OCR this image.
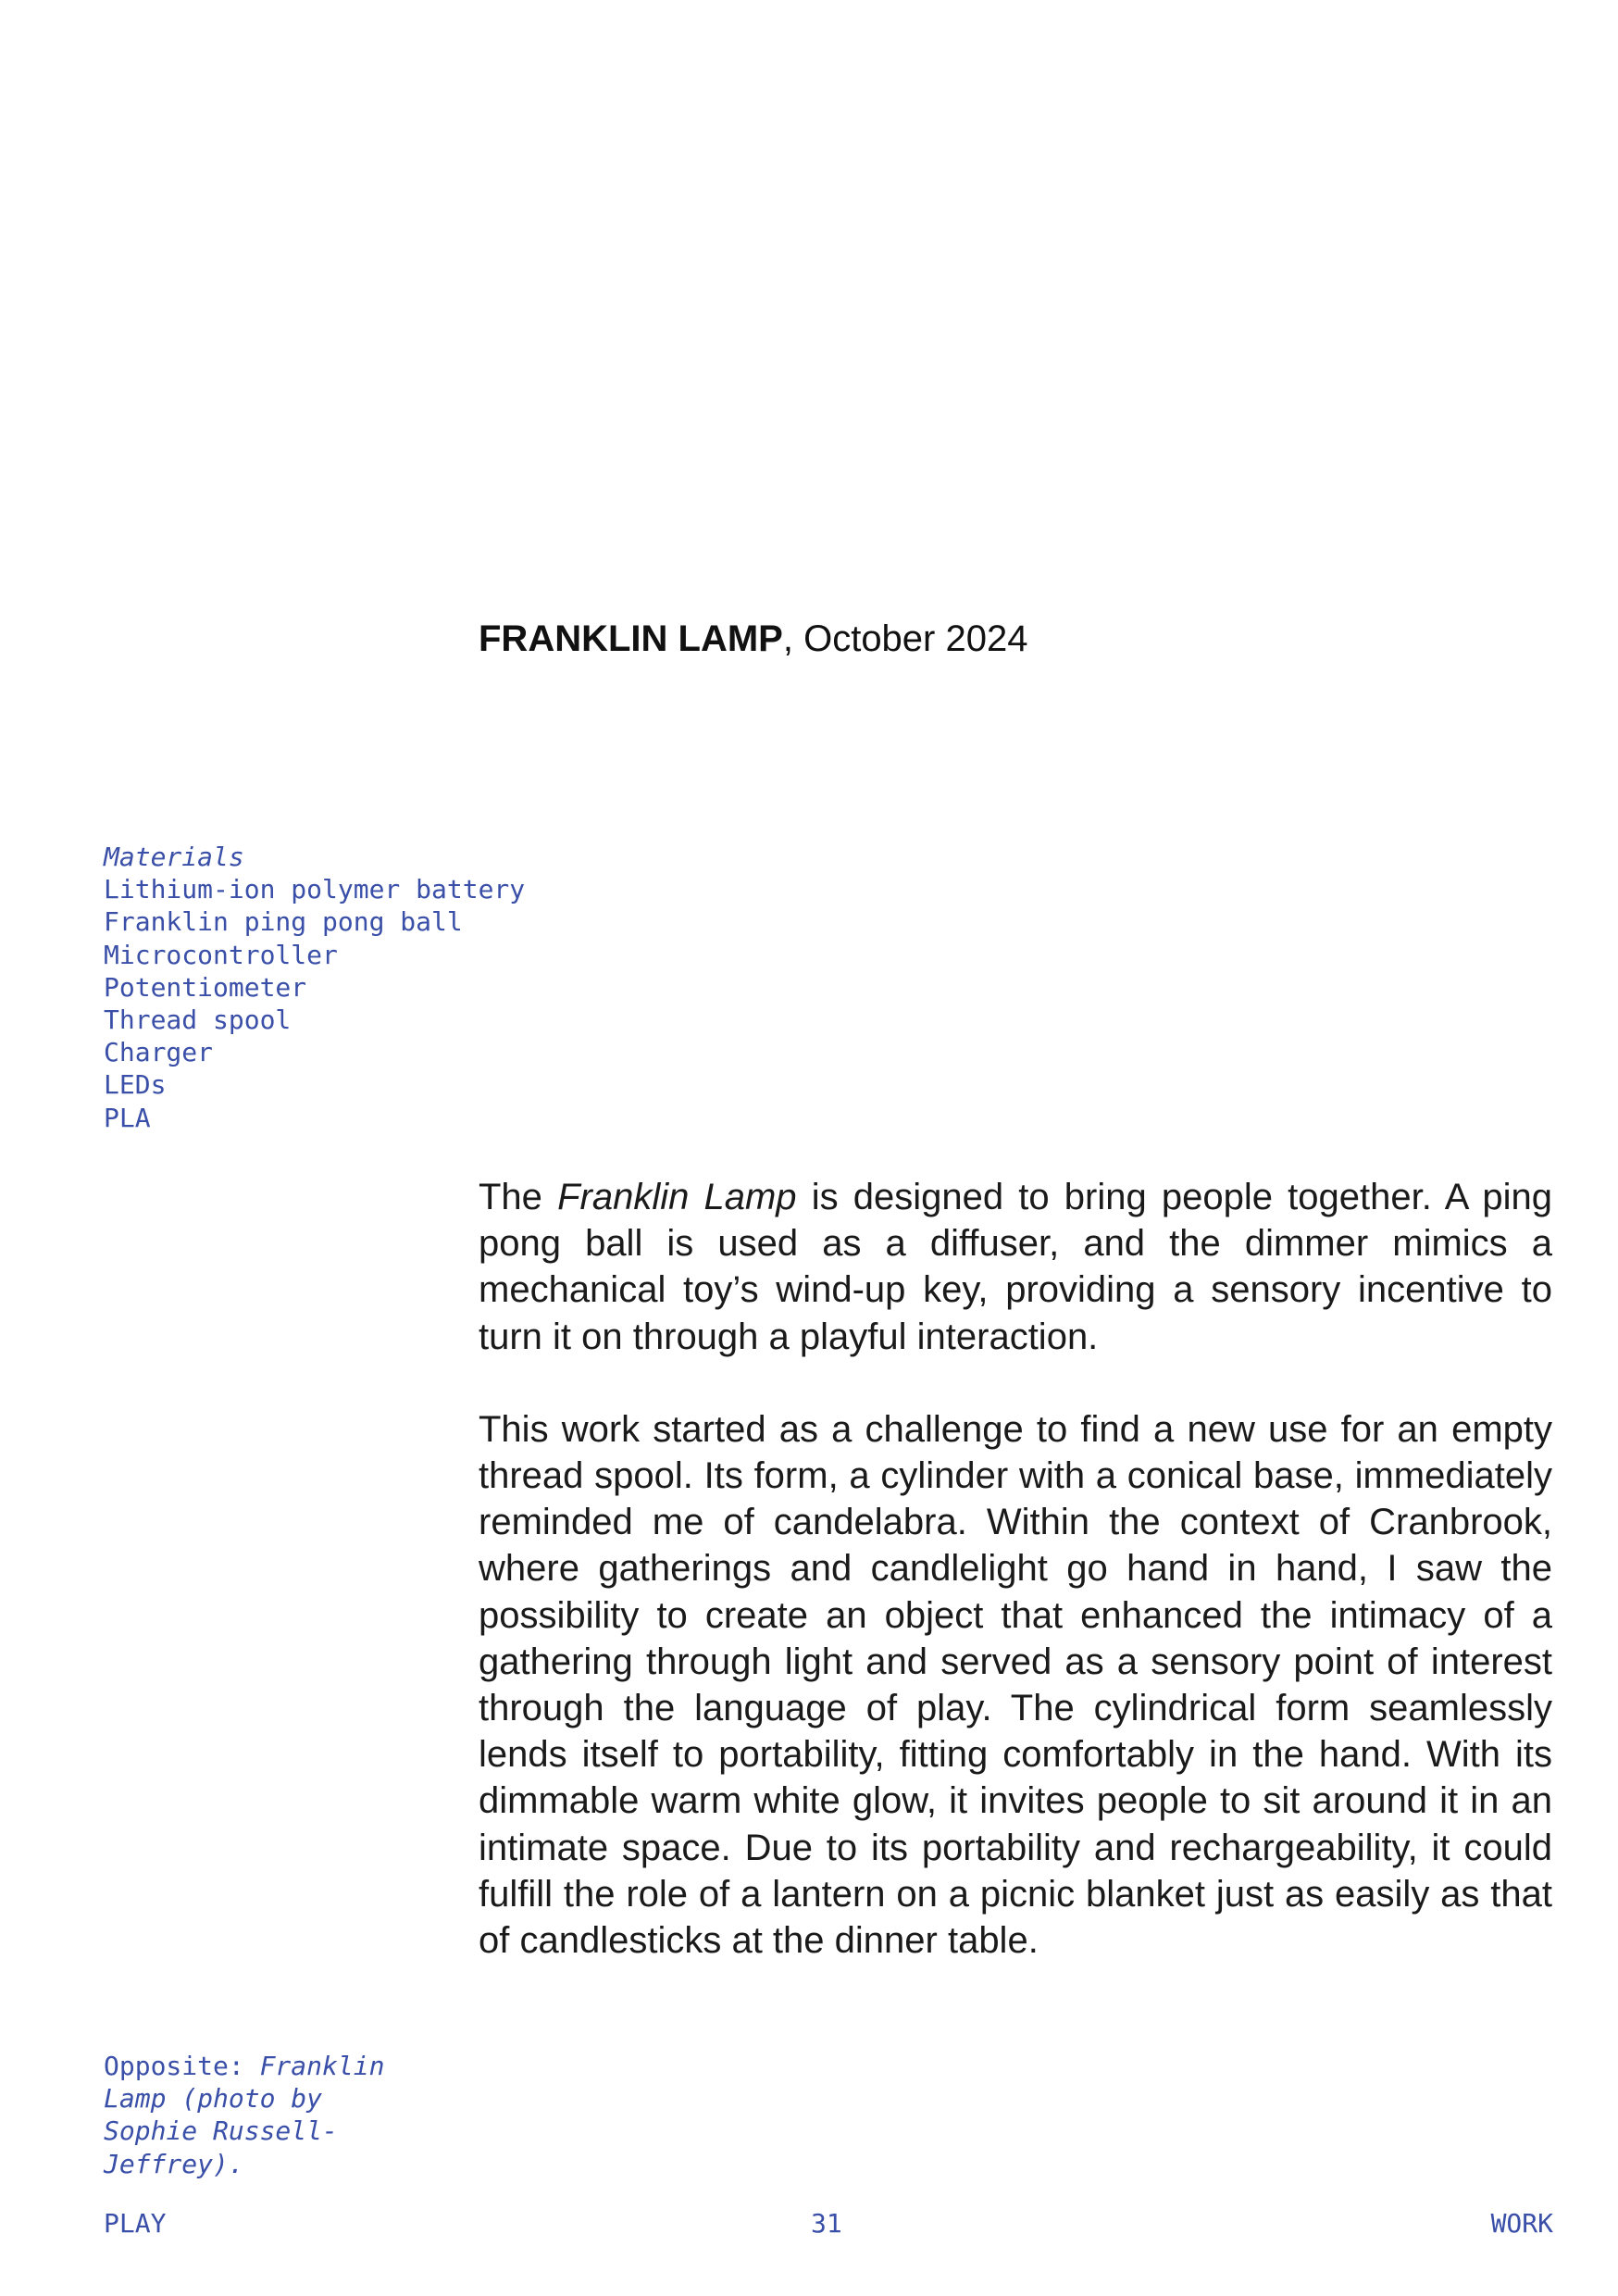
FRANKLIN LAMP, October 2024
Materials
Lithium-ion polymer battery
Franklin ping pong ball
Microcontroller
Potentiometer
Thread spool
Charger
LEDs
PLA

The Franklin Lamp is designed to bring people together. A ping pong ball is used as a diffuser, and the dimmer mimics a mechanical toy’s wind-up key, providing a sensory incentive to turn it on through a playful interaction.

This work started as a challenge to find a new use for an empty thread spool. Its form, a cylinder with a conical base, immediately reminded me of candelabra. Within the context of Cranbrook, where gatherings and candlelight go hand in hand, I saw the possibility to create an object that enhanced the intimacy of a gathering through light and served as a sensory point of interest through the language of play. The cylindrical form seamlessly lends itself to portability, fitting comfortably in the hand. With its dimmable warm white glow, it invites people to sit around it in an intimate space. Due to its portability and rechargeability, it could fulfill the role of a lantern on a picnic blanket just as easily as that of candlesticks at the dinner table.

Opposite: Franklin Lamp (photo by Sophie Russell-Jeffrey).
PLAY	31	WORK
